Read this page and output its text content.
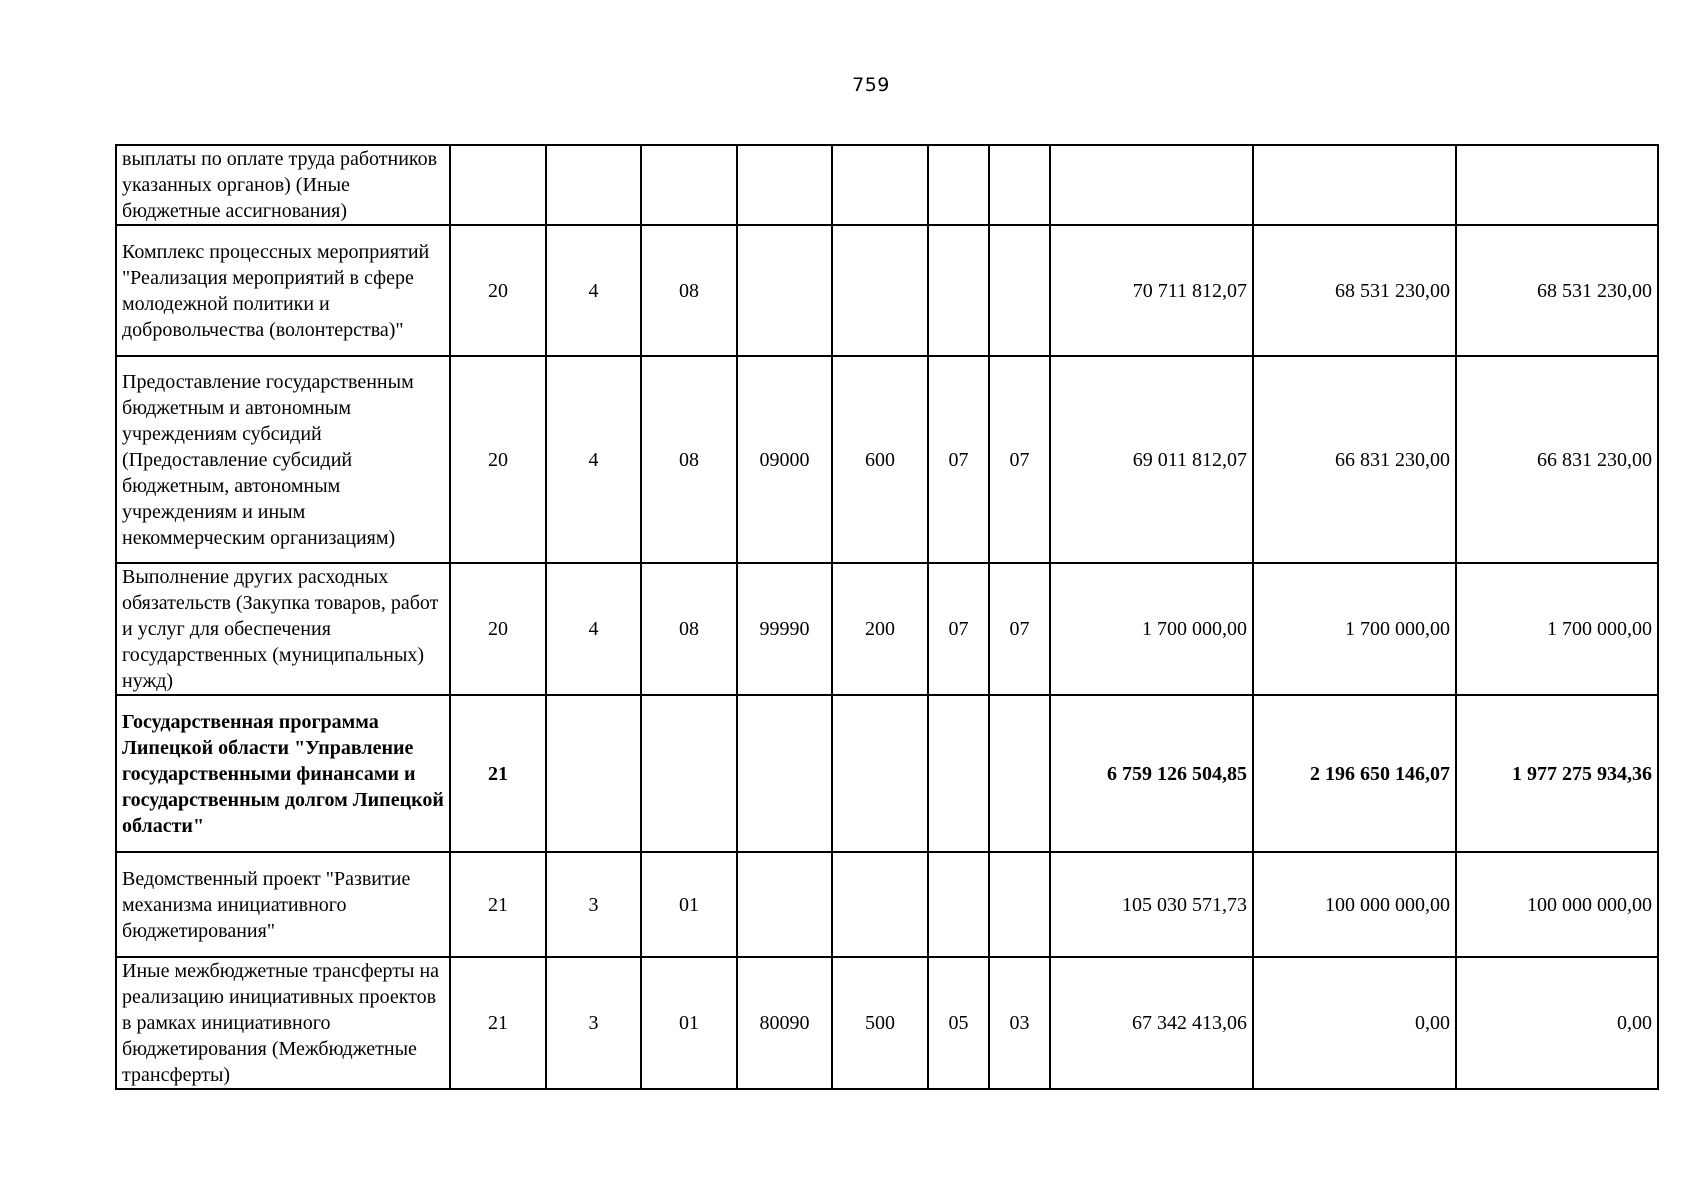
759
выплаты по оплате труда работников указанных органов) (Иные бюджетные ассигнования)										
Комплекс процессных мероприятий "Реализация мероприятий в сфере молодежной политики и добровольчества (волонтерства)"	20	4	08					70 711 812,07	68 531 230,00	68 531 230,00
Предоставление государственным бюджетным и автономным учреждениям субсидий (Предоставление субсидий бюджетным, автономным учреждениям и иным некоммерческим организациям)	20	4	08	09000	600	07	07	69 011 812,07	66 831 230,00	66 831 230,00
Выполнение других расходных обязательств (Закупка товаров, работ и услуг для обеспечения государственных (муниципальных) нужд)	20	4	08	99990	200	07	07	1 700 000,00	1 700 000,00	1 700 000,00
Государственная программа Липецкой области "Управление государственными финансами и государственным долгом Липецкой области"	21							6 759 126 504,85	2 196 650 146,07	1 977 275 934,36
Ведомственный проект "Развитие механизма инициативного бюджетирования"	21	3	01					105 030 571,73	100 000 000,00	100 000 000,00
Иные межбюджетные трансферты на реализацию инициативных проектов в рамках инициативного бюджетирования (Межбюджетные трансферты)	21	3	01	80090	500	05	03	67 342 413,06	0,00	0,00
